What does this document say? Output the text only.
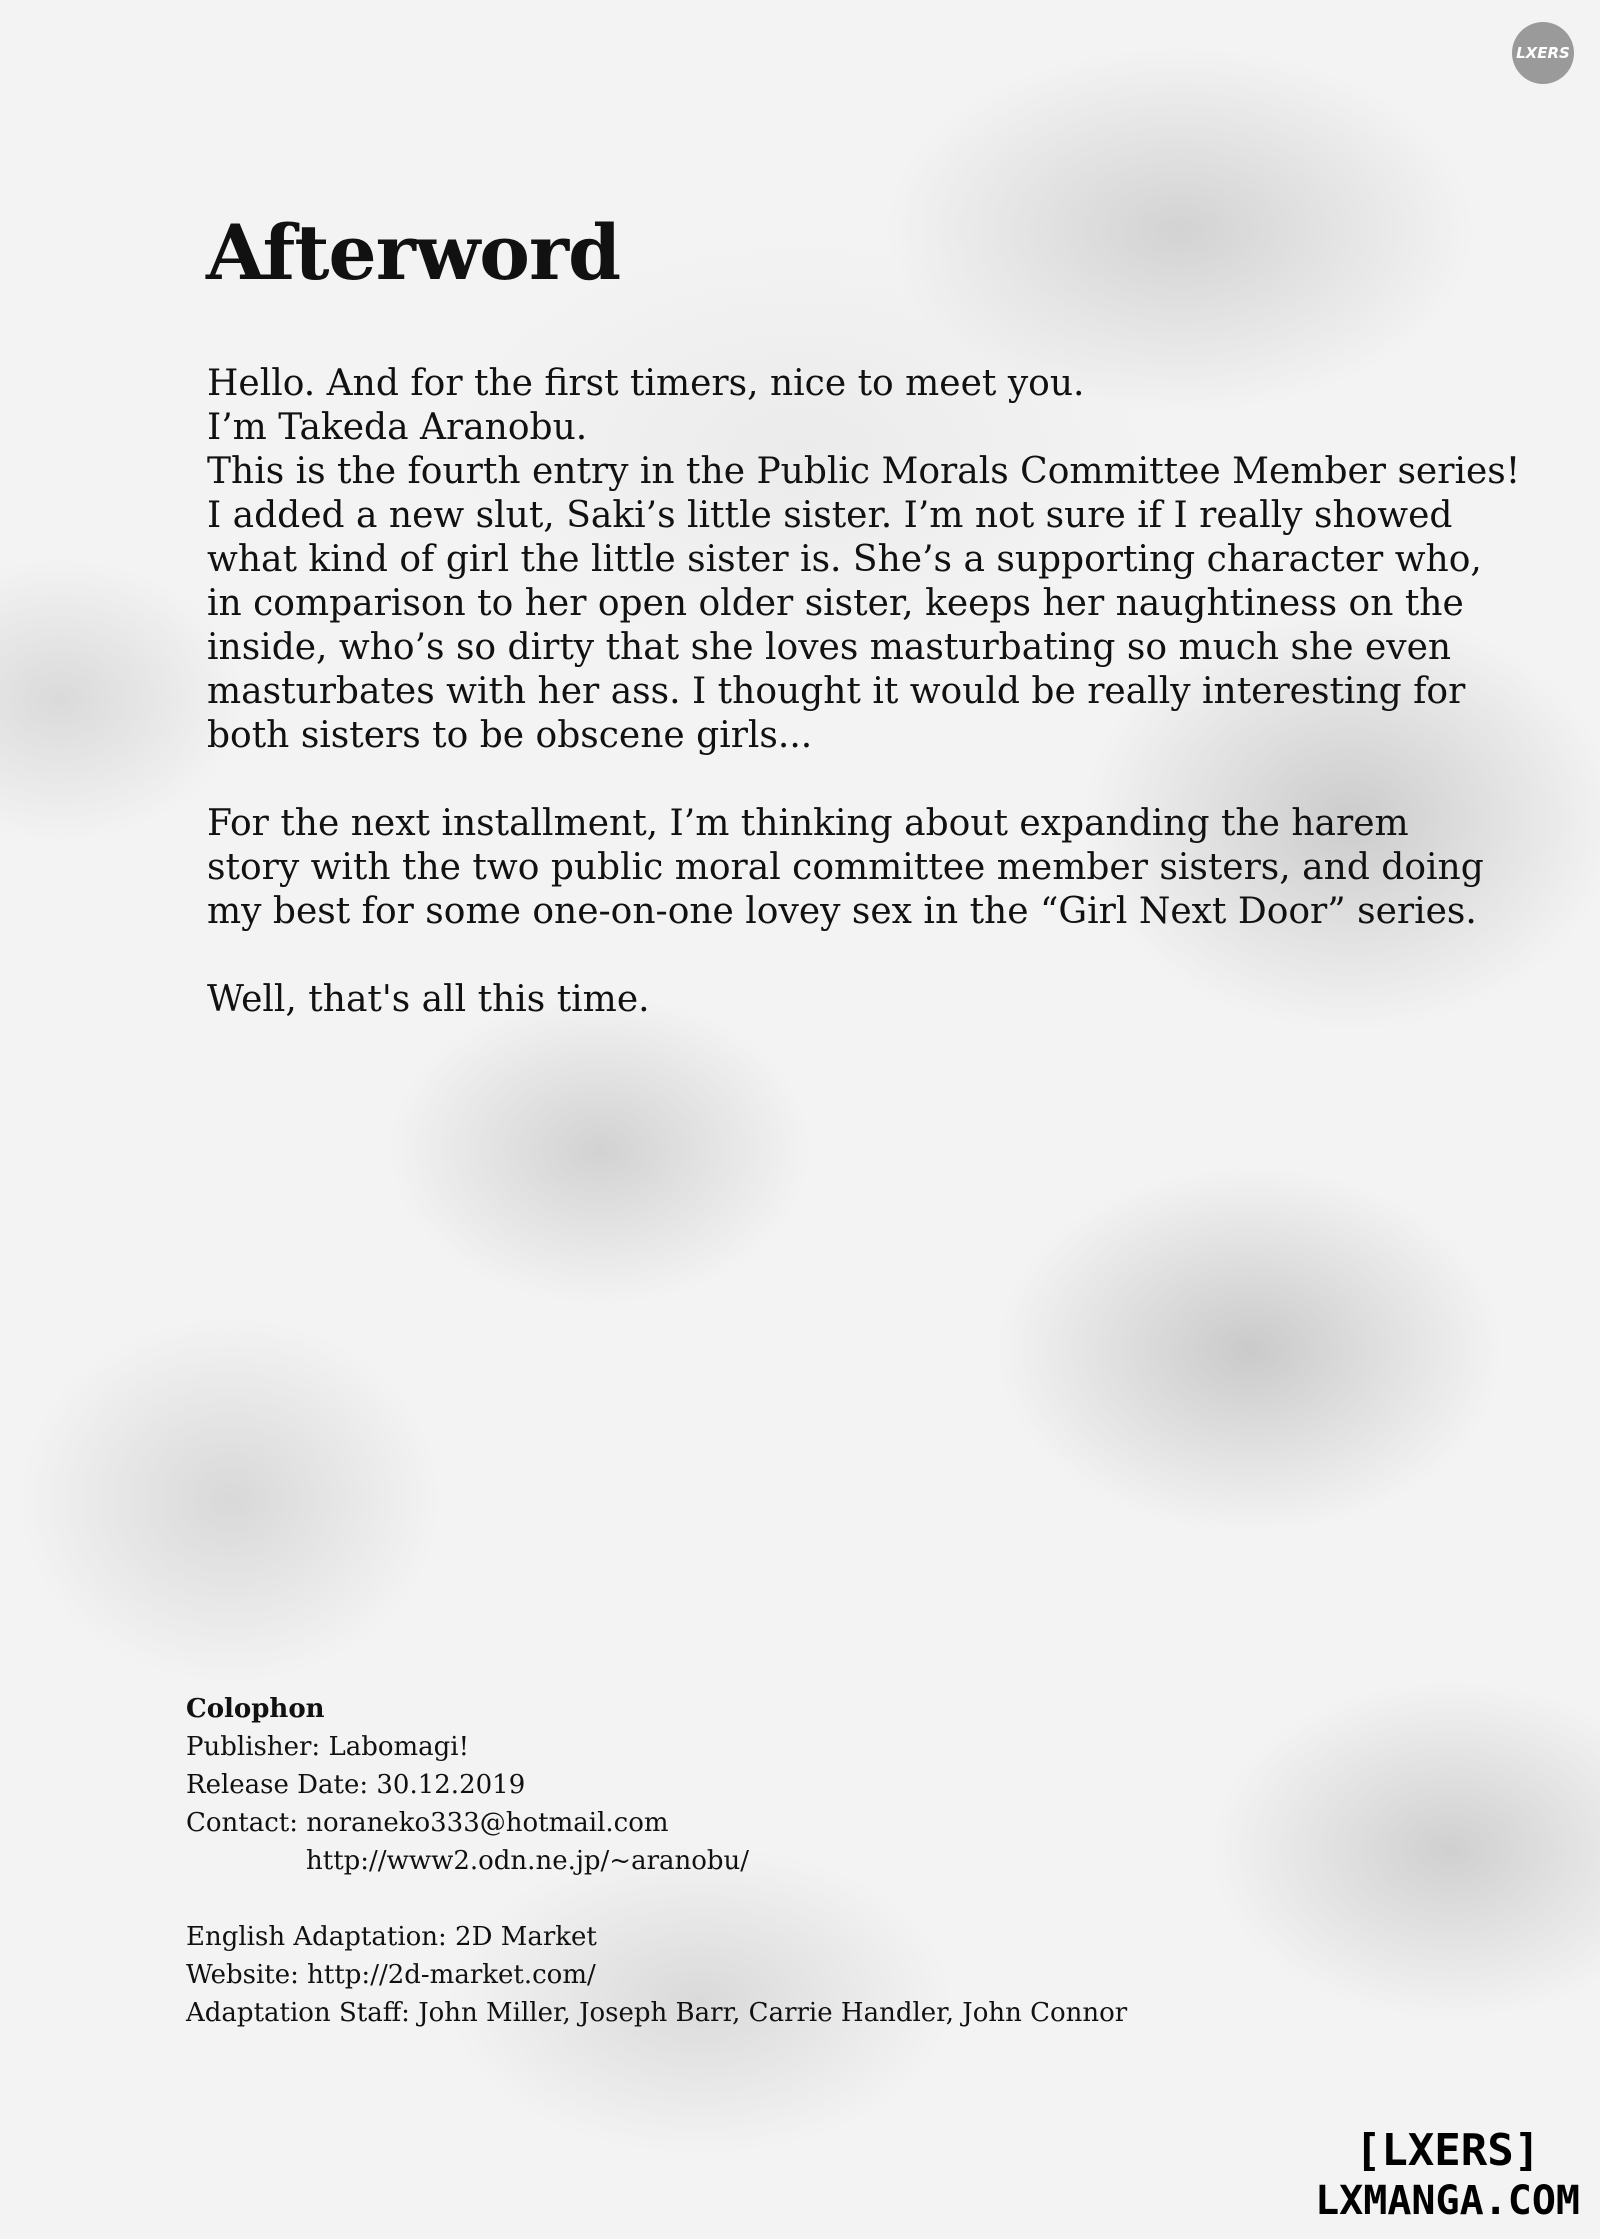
LXERS
Afterword

Hello. And for the first timers, nice to meet you.
I’m Takeda Aranobu.
This is the fourth entry in the Public Morals Committee Member series!
I added a new slut, Saki’s little sister. I’m not sure if I really showed
what kind of girl the little sister is. She’s a supporting character who,
in comparison to her open older sister, keeps her naughtiness on the
inside, who’s so dirty that she loves masturbating so much she even
masturbates with her ass. I thought it would be really interesting for
both sisters to be obscene girls...

For the next installment, I’m thinking about expanding the harem
story with the two public moral committee member sisters, and doing
my best for some one-on-one lovey sex in the “Girl Next Door” series.

Well, that's all this time.

Colophon
Publisher: Labomagi!
Release Date: 30.12.2019
Contact: noraneko333@hotmail.com
http://www2.odn.ne.jp/~aranobu/
English Adaptation: 2D Market
Website: http://2d-market.com/
Adaptation Staff: John Miller, Joseph Barr, Carrie Handler, John Connor
[LXERS]
LXMANGA.COM
